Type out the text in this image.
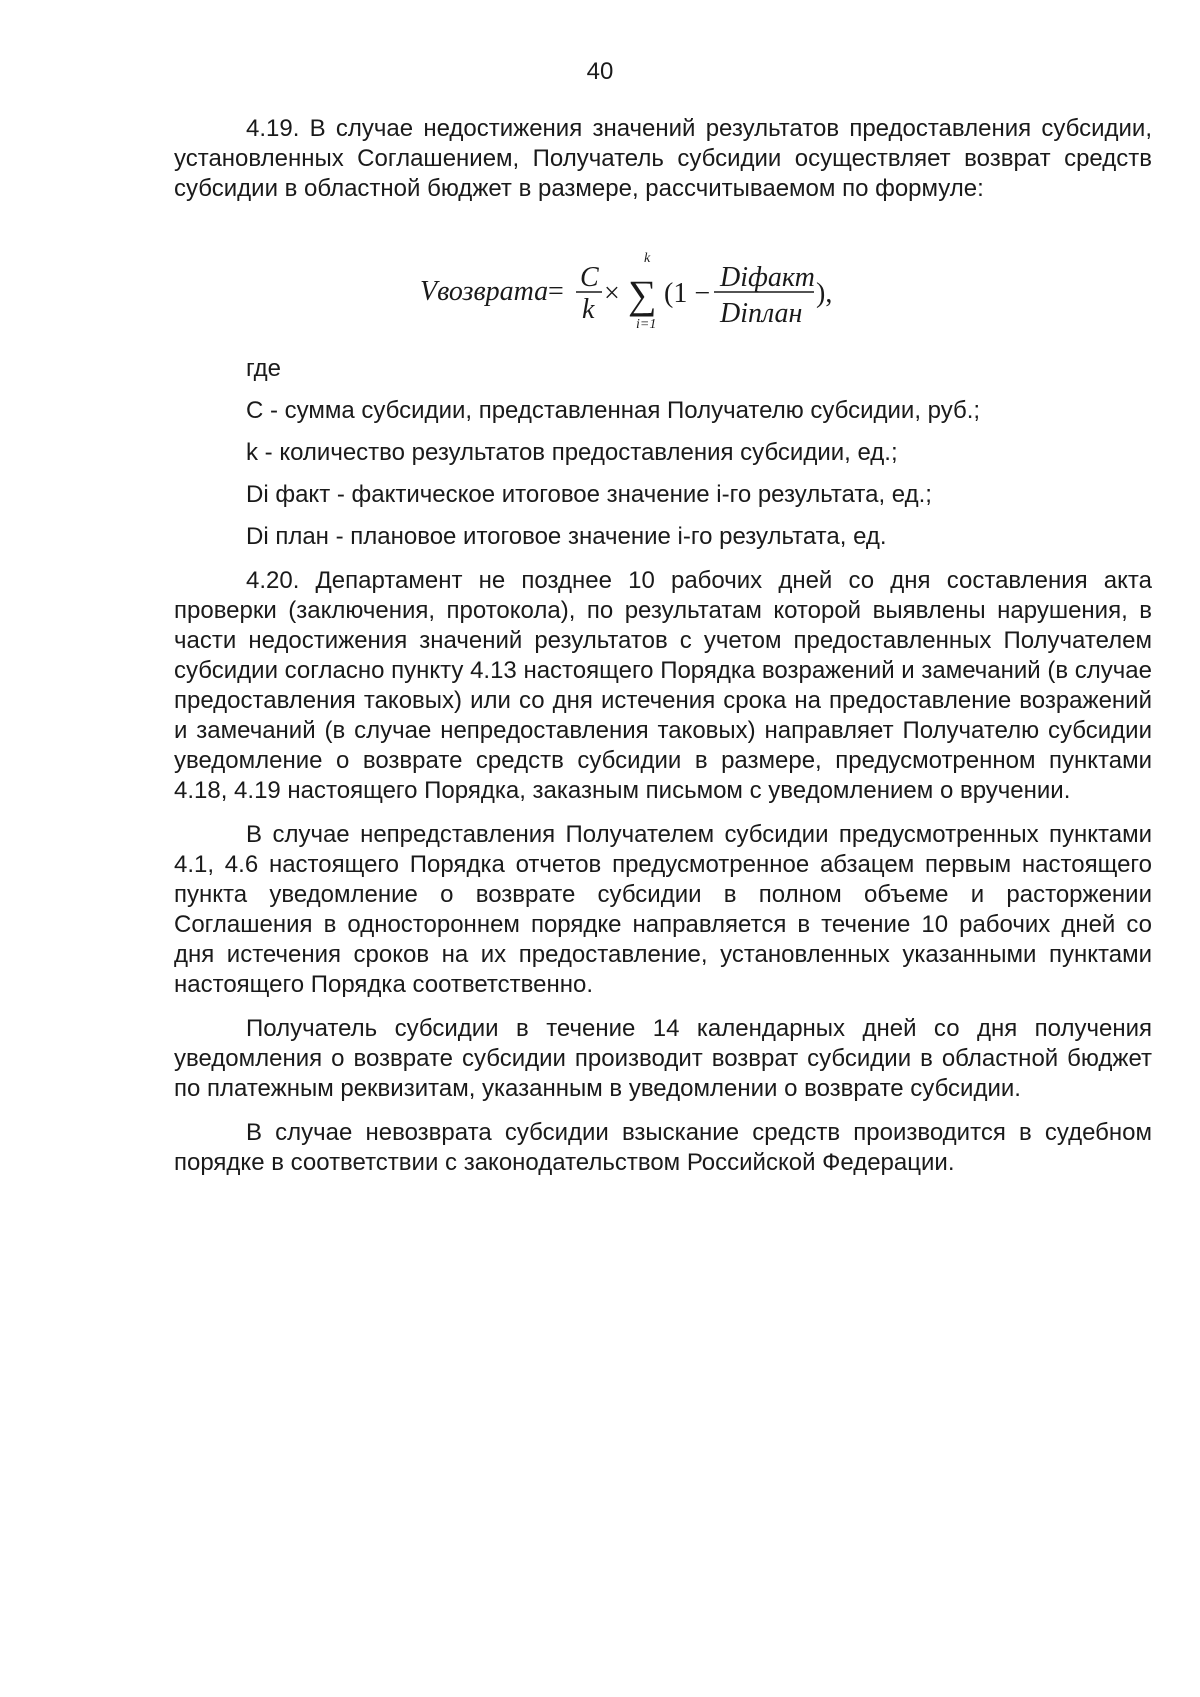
40

4.19. В случае недостижения значений результатов предоставления субсидии, установленных Соглашением, Получатель субсидии осуществляет возврат средств субсидии в областной бюджет в размере, рассчитываемом по формуле:

Vвозврата = C
k
×
k
∑
i=1
(1 −
Diфакт
Diплан
),

где

C - сумма субсидии, представленная Получателю субсидии, руб.;

k - количество результатов предоставления субсидии, ед.;

Di факт - фактическое итоговое значение i-го результата, ед.;

Di план - плановое итоговое значение i-го результата, ед.

4.20. Департамент не позднее 10 рабочих дней со дня составления акта проверки (заключения, протокола), по результатам которой выявлены нарушения, в части недостижения значений результатов с учетом предоставленных Получателем субсидии согласно пункту 4.13 настоящего Порядка возражений и замечаний (в случае предоставления таковых) или со дня истечения срока на предоставление возражений и замечаний (в случае непредоставления таковых) направляет Получателю субсидии уведомление о возврате средств субсидии в размере, предусмотренном пунктами 4.18, 4.19 настоящего Порядка, заказным письмом с уведомлением о вручении.

В случае непредставления Получателем субсидии предусмотренных пунктами 4.1, 4.6 настоящего Порядка отчетов предусмотренное абзацем первым настоящего пункта уведомление о возврате субсидии в полном объеме и расторжении Соглашения в одностороннем порядке направляется в течение 10 рабочих дней со дня истечения сроков на их предоставление, установленных указанными пунктами настоящего Порядка соответственно.

Получатель субсидии в течение 14 календарных дней со дня получения уведомления о возврате субсидии производит возврат субсидии в областной бюджет по платежным реквизитам, указанным в уведомлении о возврате субсидии.

В случае невозврата субсидии взыскание средств производится в судебном порядке в соответствии с законодательством Российской Федерации.
